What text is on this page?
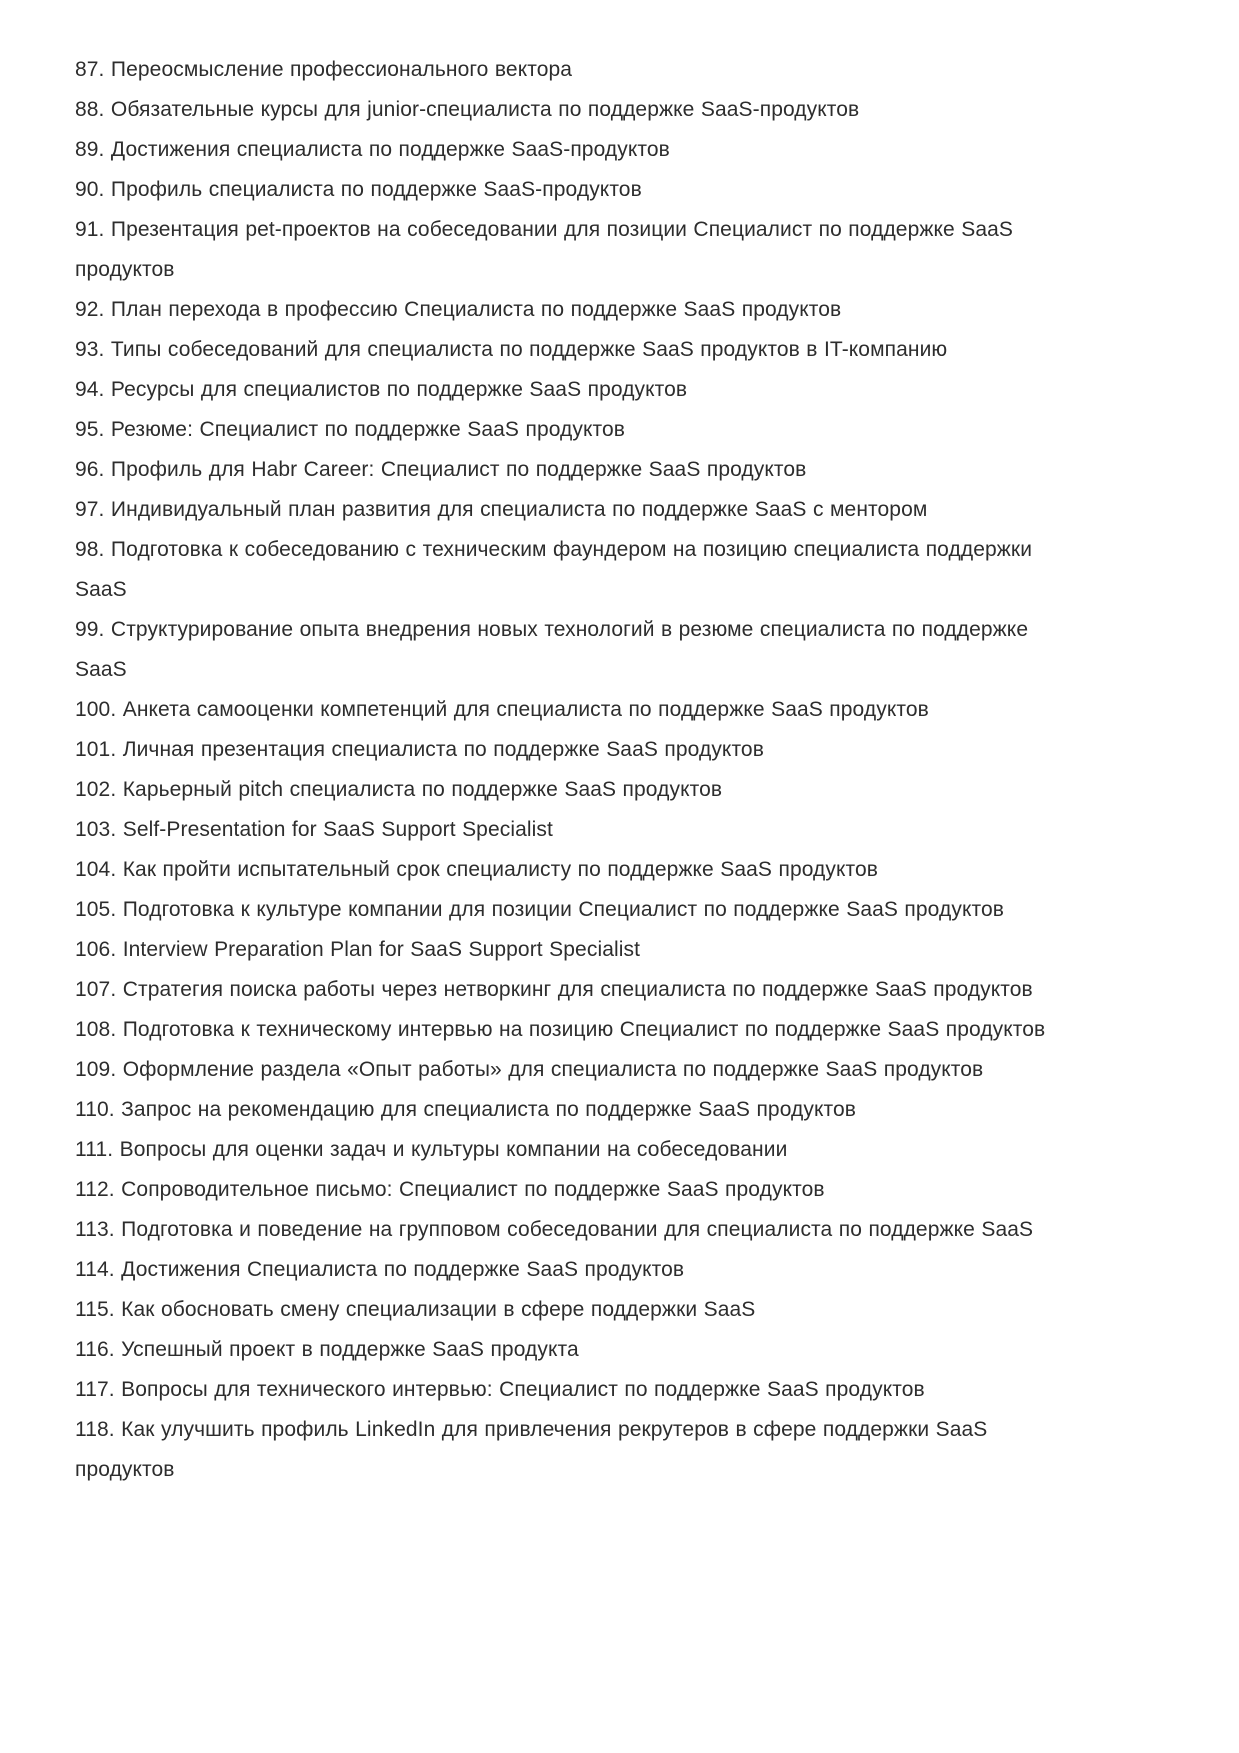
87. Переосмысление профессионального вектора

88. Обязательные курсы для junior-специалиста по поддержке SaaS-продуктов

89. Достижения специалиста по поддержке SaaS-продуктов

90. Профиль специалиста по поддержке SaaS-продуктов

91. Презентация pet-проектов на собеседовании для позиции Специалист по поддержке SaaS продуктов

92. План перехода в профессию Специалиста по поддержке SaaS продуктов

93. Типы собеседований для специалиста по поддержке SaaS продуктов в IT-компанию

94. Ресурсы для специалистов по поддержке SaaS продуктов

95. Резюме: Специалист по поддержке SaaS продуктов

96. Профиль для Habr Career: Специалист по поддержке SaaS продуктов

97. Индивидуальный план развития для специалиста по поддержке SaaS с ментором

98. Подготовка к собеседованию с техническим фаундером на позицию специалиста поддержки SaaS

99. Структурирование опыта внедрения новых технологий в резюме специалиста по поддержке SaaS

100. Анкета самооценки компетенций для специалиста по поддержке SaaS продуктов

101. Личная презентация специалиста по поддержке SaaS продуктов

102. Карьерный pitch специалиста по поддержке SaaS продуктов

103. Self-Presentation for SaaS Support Specialist

104. Как пройти испытательный срок специалисту по поддержке SaaS продуктов

105. Подготовка к культуре компании для позиции Специалист по поддержке SaaS продуктов

106. Interview Preparation Plan for SaaS Support Specialist

107. Стратегия поиска работы через нетворкинг для специалиста по поддержке SaaS продуктов

108. Подготовка к техническому интервью на позицию Специалист по поддержке SaaS продуктов

109. Оформление раздела «Опыт работы» для специалиста по поддержке SaaS продуктов

110. Запрос на рекомендацию для специалиста по поддержке SaaS продуктов

111. Вопросы для оценки задач и культуры компании на собеседовании

112. Сопроводительное письмо: Специалист по поддержке SaaS продуктов

113. Подготовка и поведение на групповом собеседовании для специалиста по поддержке SaaS

114. Достижения Специалиста по поддержке SaaS продуктов

115. Как обосновать смену специализации в сфере поддержки SaaS

116. Успешный проект в поддержке SaaS продукта

117. Вопросы для технического интервью: Специалист по поддержке SaaS продуктов

118. Как улучшить профиль LinkedIn для привлечения рекрутеров в сфере поддержки SaaS продуктов
